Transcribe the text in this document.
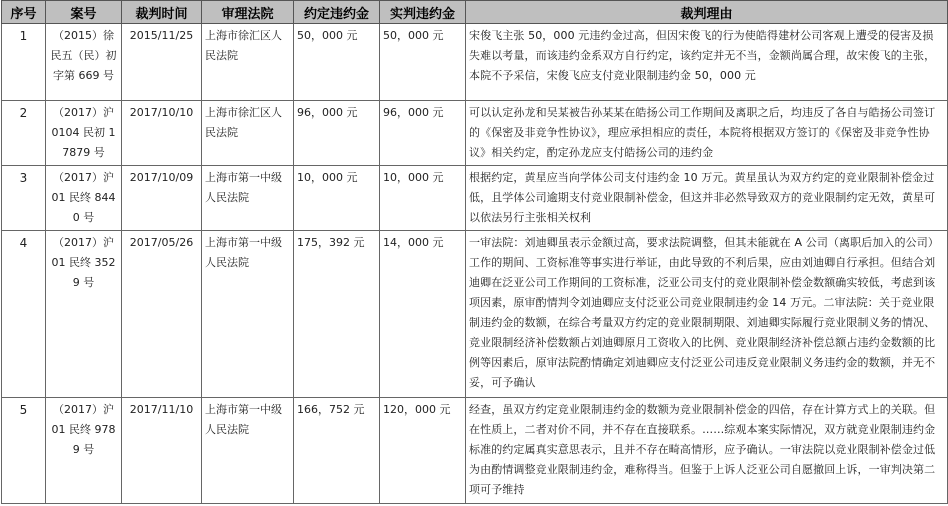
序号	案号	裁判时间	审理法院	约定违约金	实判违约金	裁判理由
1	（2015）徐民五（民）初字第 669 号	2015/11/25	上海市徐汇区人民法院	50，000 元	50，000 元	宋俊飞主张 50，000 元违约金过高，但因宋俊飞的行为使皓得建材公司客观上遭受的侵害及损失难以考量，而该违约金系双方自行约定，该约定并无不当，金额尚属合理，故宋俊飞的主张，本院不予采信，宋俊飞应支付竞业限制违约金 50，000 元
2	（2017）沪 0104 民初 17879 号	2017/10/10	上海市徐汇区人民法院	96，000 元	96，000 元	可以认定孙龙和吴某被告孙某某在皓扬公司工作期间及离职之后，均违反了各自与皓扬公司签订的《保密及非竞争性协议》，理应承担相应的责任，本院将根据双方签订的《保密及非竞争性协议》相关约定，酌定孙龙应支付皓扬公司的违约金
3	（2017）沪 01 民终 8440 号	2017/10/09	上海市第一中级人民法院	10，000 元	10，000 元	根据约定，黄星应当向学体公司支付违约金 10 万元。黄星虽认为双方约定的竞业限制补偿金过低，且学体公司逾期支付竞业限制补偿金，但这并非必然导致双方的竞业限制约定无效，黄星可以依法另行主张相关权利
4	（2017）沪 01 民终 3529 号	2017/05/26	上海市第一中级人民法院	175，392 元	14，000 元	一审法院：刘迪卿虽表示金额过高，要求法院调整，但其未能就在 A 公司（离职后加入的公司）工作的期间、工资标准等事实进行举证，由此导致的不利后果，应由刘迪卿自行承担。但结合刘迪卿在泛亚公司工作期间的工资标准，泛亚公司支付的竞业限制补偿金数额确实较低，考虑到该项因素，原审酌情判令刘迪卿应支付泛亚公司竞业限制违约金 14 万元。二审法院：关于竞业限制违约金的数额，在综合考量双方约定的竞业限制期限、刘迪卿实际履行竞业限制义务的情况、竞业限制经济补偿数额占刘迪卿原月工资收入的比例、竞业限制经济补偿总额占违约金数额的比例等因素后，原审法院酌情确定刘迪卿应支付泛亚公司违反竞业限制义务违约金的数额，并无不妥，可予确认
5	（2017）沪 01 民终 9789 号	2017/11/10	上海市第一中级人民法院	166，752 元	120，000 元	经查，虽双方约定竞业限制违约金的数额为竞业限制补偿金的四倍，存在计算方式上的关联。但在性质上，二者对价不同，并不存在直接联系。……综观本案实际情况，双方就竞业限制违约金标准的约定属真实意思表示，且并不存在畸高情形，应予确认。一审法院以竞业限制补偿金过低为由酌情调整竞业限制违约金，难称得当。但鉴于上诉人泛亚公司自愿撤回上诉，一审判决第二项可予维持
